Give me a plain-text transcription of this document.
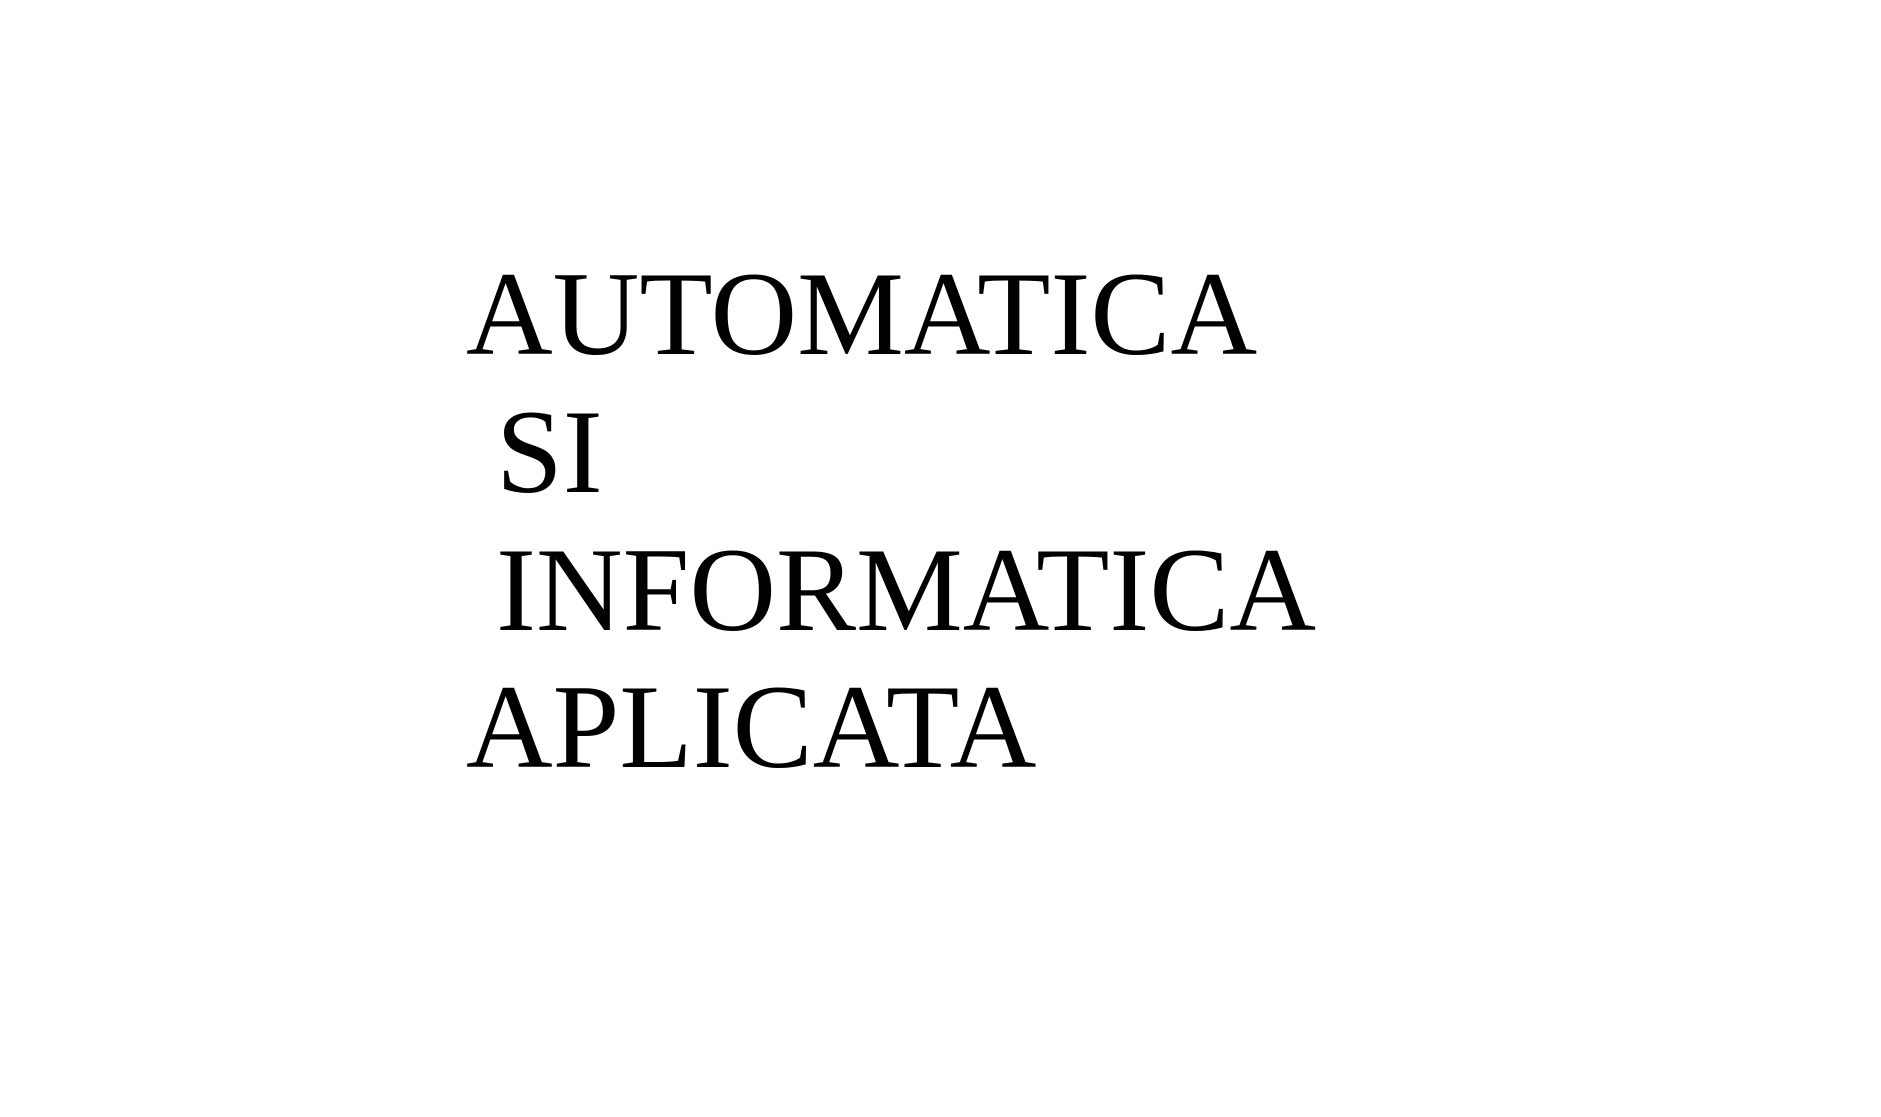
AUTOMATICA

SI

INFORMATICA

APLICATA
